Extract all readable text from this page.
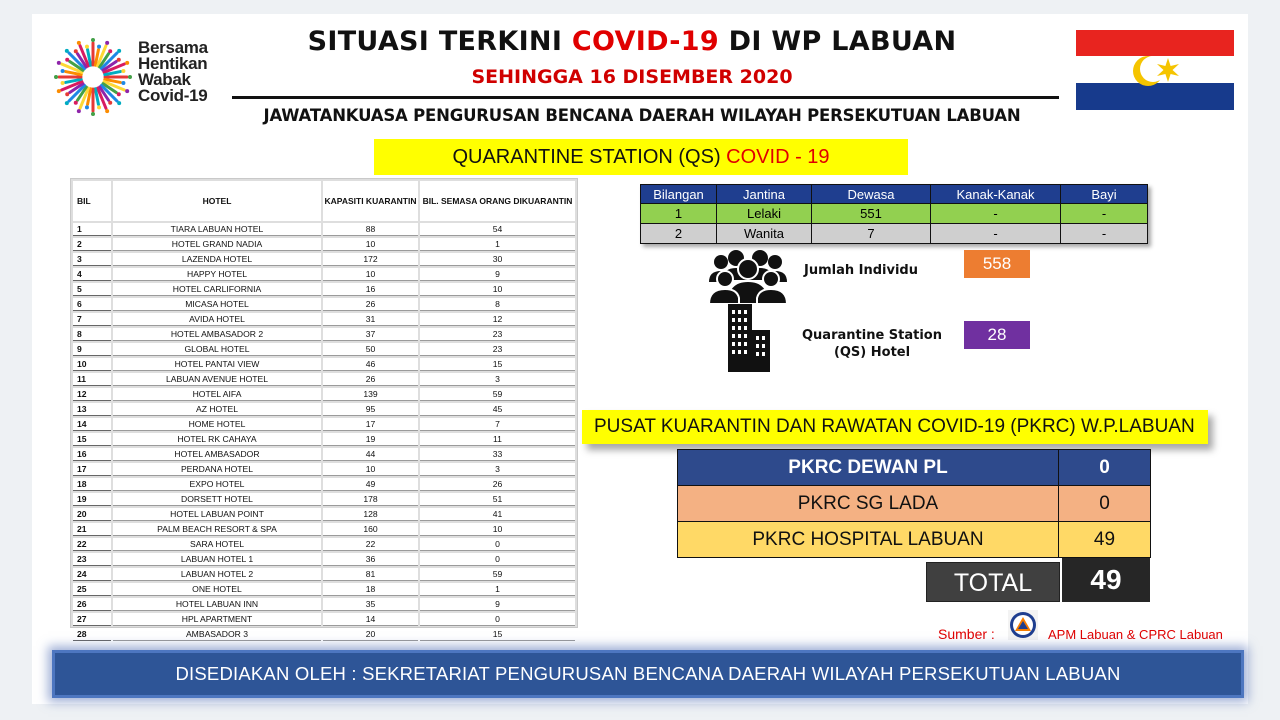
Bersama
Hentikan
Wabak
Covid-19
SITUASI TERKINI COVID-19 DI WP LABUAN
SEHINGGA 16 DISEMBER 2020
JAWATANKUASA PENGURUSAN BENCANA DAERAH WILAYAH PERSEKUTUAN LABUAN
QUARANTINE STATION (QS) COVID - 19
BIL	HOTEL	KAPASITI KUARANTIN	BIL. SEMASA ORANG DIKUARANTIN
1	TIARA LABUAN HOTEL	88	54
2	HOTEL GRAND NADIA	10	1
3	LAZENDA HOTEL	172	30
4	HAPPY HOTEL	10	9
5	HOTEL CARLIFORNIA	16	10
6	MICASA HOTEL	26	8
7	AVIDA HOTEL	31	12
8	HOTEL AMBASADOR 2	37	23
9	GLOBAL HOTEL	50	23
10	HOTEL PANTAI VIEW	46	15
11	LABUAN AVENUE HOTEL	26	3
12	HOTEL AIFA	139	59
13	AZ HOTEL	95	45
14	HOME HOTEL	17	7
15	HOTEL RK CAHAYA	19	11
16	HOTEL AMBASADOR	44	33
17	PERDANA HOTEL	10	3
18	EXPO HOTEL	49	26
19	DORSETT HOTEL	178	51
20	HOTEL LABUAN POINT	128	41
21	PALM BEACH RESORT & SPA	160	10
22	SARA HOTEL	22	0
23	LABUAN HOTEL 1	36	0
24	LABUAN HOTEL 2	81	59
25	ONE HOTEL	18	1
26	HOTEL LABUAN INN	35	9
27	HPL APARTMENT	14	0
28	AMBASADOR 3	20	15
Bilangan	Jantina	Dewasa	Kanak-Kanak	Bayi
1	Lelaki	551	-	-
2	Wanita	7	-	-
Jumlah Individu	558
Quarantine Station
(QS) Hotel
28
PUSAT KUARANTIN DAN RAWATAN COVID-19 (PKRC) W.P.LABUAN
PKRC DEWAN PL	0
PKRC SG LADA	0
PKRC HOSPITAL LABUAN	49
TOTAL	49
Sumber :	APM Labuan & CPRC Labuan
DISEDIAKAN OLEH : SEKRETARIAT PENGURUSAN BENCANA DAERAH WILAYAH PERSEKUTUAN LABUAN
